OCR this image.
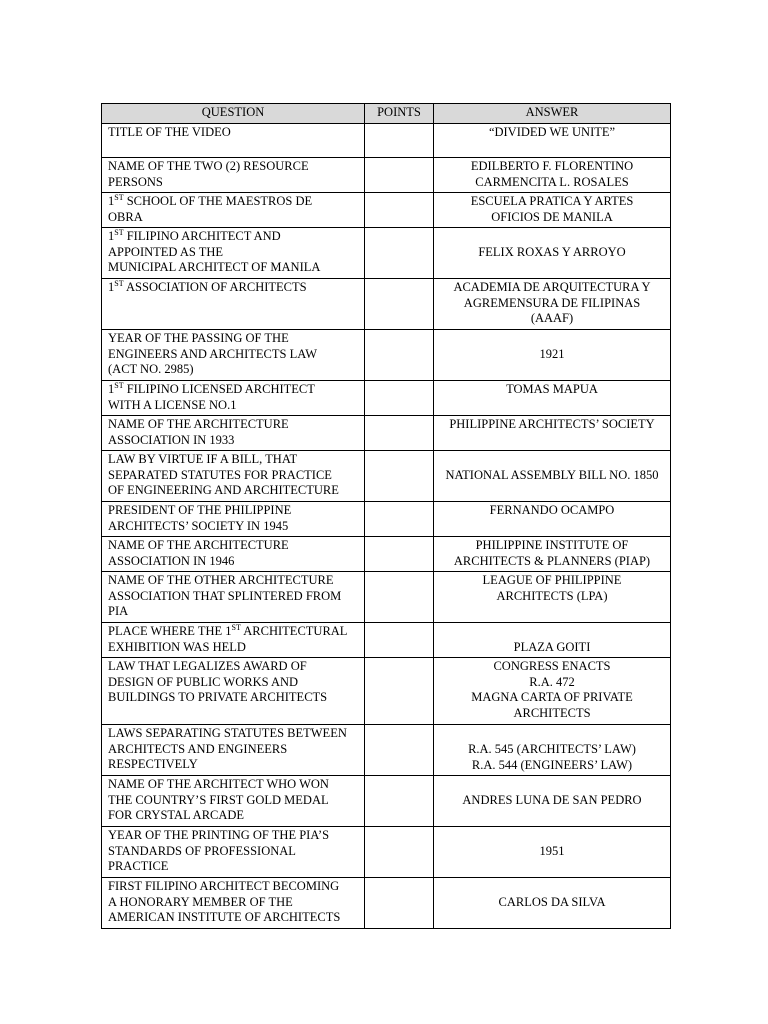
QUESTION	POINTS	ANSWER

TITLE OF THE VIDEO		“DIVIDED WE UNITE”

NAME OF THE TWO (2) RESOURCE
PERSONS		EDILBERTO F. FLORENTINO
CARMENCITA L. ROSALES

1ST SCHOOL OF THE MAESTROS DE
OBRA		ESCUELA PRATICA Y ARTES
OFICIOS DE MANILA

1ST FILIPINO ARCHITECT AND
APPOINTED AS THE
MUNICIPAL ARCHITECT OF MANILA		FELIX ROXAS Y ARROYO

1ST ASSOCIATION OF ARCHITECTS		ACADEMIA DE ARQUITECTURA Y
AGREMENSURA DE FILIPINAS
(AAAF)

YEAR OF THE PASSING OF THE
ENGINEERS AND ARCHITECTS LAW
(ACT NO. 2985)		1921

1ST FILIPINO LICENSED ARCHITECT
WITH A LICENSE NO.1		TOMAS MAPUA

NAME OF THE ARCHITECTURE
ASSOCIATION IN 1933		PHILIPPINE ARCHITECTS’ SOCIETY

LAW BY VIRTUE IF A BILL, THAT
SEPARATED STATUTES FOR PRACTICE
OF ENGINEERING AND ARCHITECTURE		NATIONAL ASSEMBLY BILL NO. 1850

PRESIDENT OF THE PHILIPPINE
ARCHITECTS’ SOCIETY IN 1945		FERNANDO OCAMPO

NAME OF THE ARCHITECTURE
ASSOCIATION IN 1946		PHILIPPINE INSTITUTE OF
ARCHITECTS & PLANNERS (PIAP)

NAME OF THE OTHER ARCHITECTURE
ASSOCIATION THAT SPLINTERED FROM
PIA		LEAGUE OF PHILIPPINE
ARCHITECTS (LPA)

PLACE WHERE THE 1ST ARCHITECTURAL
EXHIBITION WAS HELD		PLAZA GOITI

LAW THAT LEGALIZES AWARD OF
DESIGN OF PUBLIC WORKS AND
BUILDINGS TO PRIVATE ARCHITECTS		CONGRESS ENACTS
R.A. 472
MAGNA CARTA OF PRIVATE
ARCHITECTS

LAWS SEPARATING STATUTES BETWEEN
ARCHITECTS AND ENGINEERS
RESPECTIVELY		R.A. 545 (ARCHITECTS’ LAW)
R.A. 544 (ENGINEERS’ LAW)

NAME OF THE ARCHITECT WHO WON
THE COUNTRY’S FIRST GOLD MEDAL
FOR CRYSTAL ARCADE		ANDRES LUNA DE SAN PEDRO

YEAR OF THE PRINTING OF THE PIA’S
STANDARDS OF PROFESSIONAL
PRACTICE		1951

FIRST FILIPINO ARCHITECT BECOMING
A HONORARY MEMBER OF THE
AMERICAN INSTITUTE OF ARCHITECTS		CARLOS DA SILVA
